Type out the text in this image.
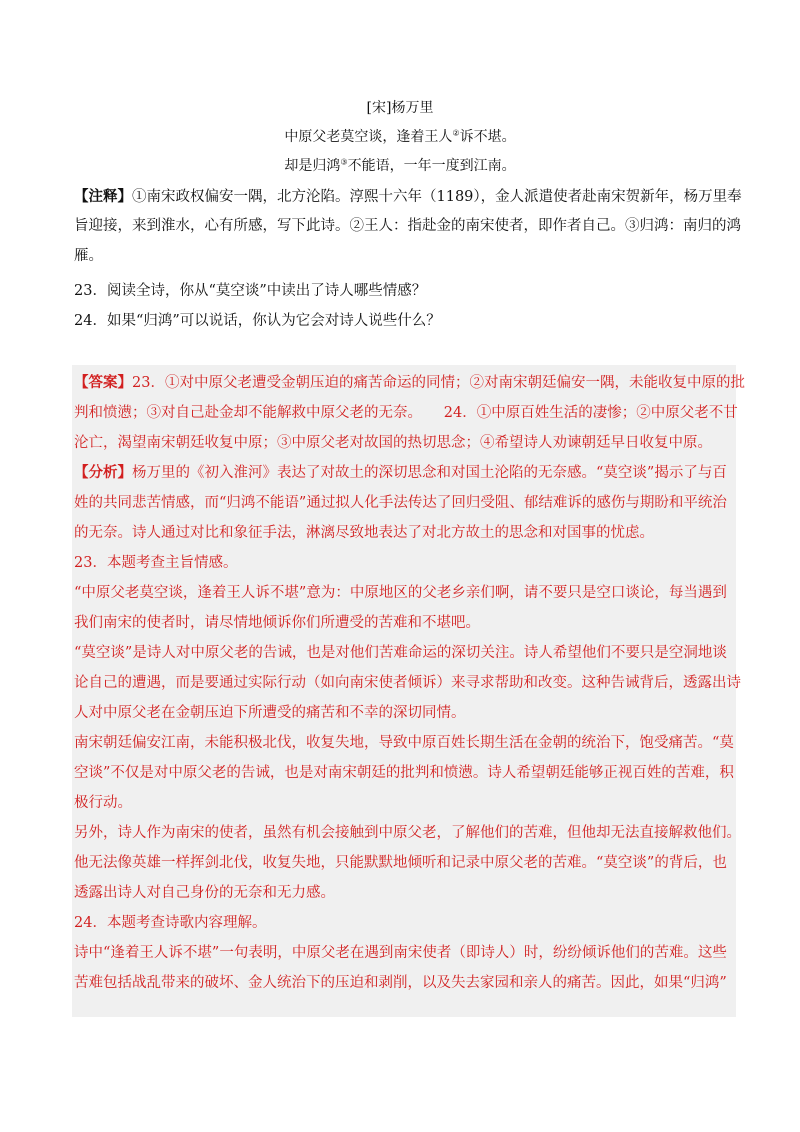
[宋]杨万里
中原父老莫空谈，逢着王人②诉不堪。
却是归鸿③不能语，一年一度到江南。
【注释】①南宋政权偏安一隅，北方沦陷。淳熙十六年（1189），金人派遣使者赴南宋贺新年，杨万里奉
旨迎接，来到淮水，心有所感，写下此诗。②王人：指赴金的南宋使者，即作者自己。③归鸿：南归的鸿
雁。
23．阅读全诗，你从“莫空谈”中读出了诗人哪些情感？
24．如果“归鸿”可以说话，你认为它会对诗人说些什么？
【答案】23．①对中原父老遭受金朝压迫的痛苦命运的同情；②对南宋朝廷偏安一隅，未能收复中原的批
判和愤懑；③对自己赴金却不能解救中原父老的无奈。　　24．①中原百姓生活的凄惨；②中原父老不甘
沦亡，渴望南宋朝廷收复中原；③中原父老对故国的热切思念；④希望诗人劝谏朝廷早日收复中原。
【分析】杨万里的《初入淮河》表达了对故土的深切思念和对国土沦陷的无奈感。“莫空谈”揭示了与百
姓的共同悲苦情感，而“归鸿不能语”通过拟人化手法传达了回归受阻、郁结难诉的感伤与期盼和平统治
的无奈。诗人通过对比和象征手法，淋漓尽致地表达了对北方故土的思念和对国事的忧虑。
23．本题考查主旨情感。
“中原父老莫空谈，逢着王人诉不堪”意为：中原地区的父老乡亲们啊，请不要只是空口谈论，每当遇到
我们南宋的使者时，请尽情地倾诉你们所遭受的苦难和不堪吧。
“莫空谈”是诗人对中原父老的告诫，也是对他们苦难命运的深切关注。诗人希望他们不要只是空洞地谈
论自己的遭遇，而是要通过实际行动（如向南宋使者倾诉）来寻求帮助和改变。这种告诫背后，透露出诗
人对中原父老在金朝压迫下所遭受的痛苦和不幸的深切同情。
南宋朝廷偏安江南，未能积极北伐，收复失地，导致中原百姓长期生活在金朝的统治下，饱受痛苦。“莫
空谈”不仅是对中原父老的告诫，也是对南宋朝廷的批判和愤懑。诗人希望朝廷能够正视百姓的苦难，积
极行动。
另外，诗人作为南宋的使者，虽然有机会接触到中原父老，了解他们的苦难，但他却无法直接解救他们。
他无法像英雄一样挥剑北伐，收复失地，只能默默地倾听和记录中原父老的苦难。“莫空谈”的背后，也
透露出诗人对自己身份的无奈和无力感。
24．本题考查诗歌内容理解。
诗中“逢着王人诉不堪”一句表明，中原父老在遇到南宋使者（即诗人）时，纷纷倾诉他们的苦难。这些
苦难包括战乱带来的破坏、金人统治下的压迫和剥削，以及失去家园和亲人的痛苦。因此，如果“归鸿”
